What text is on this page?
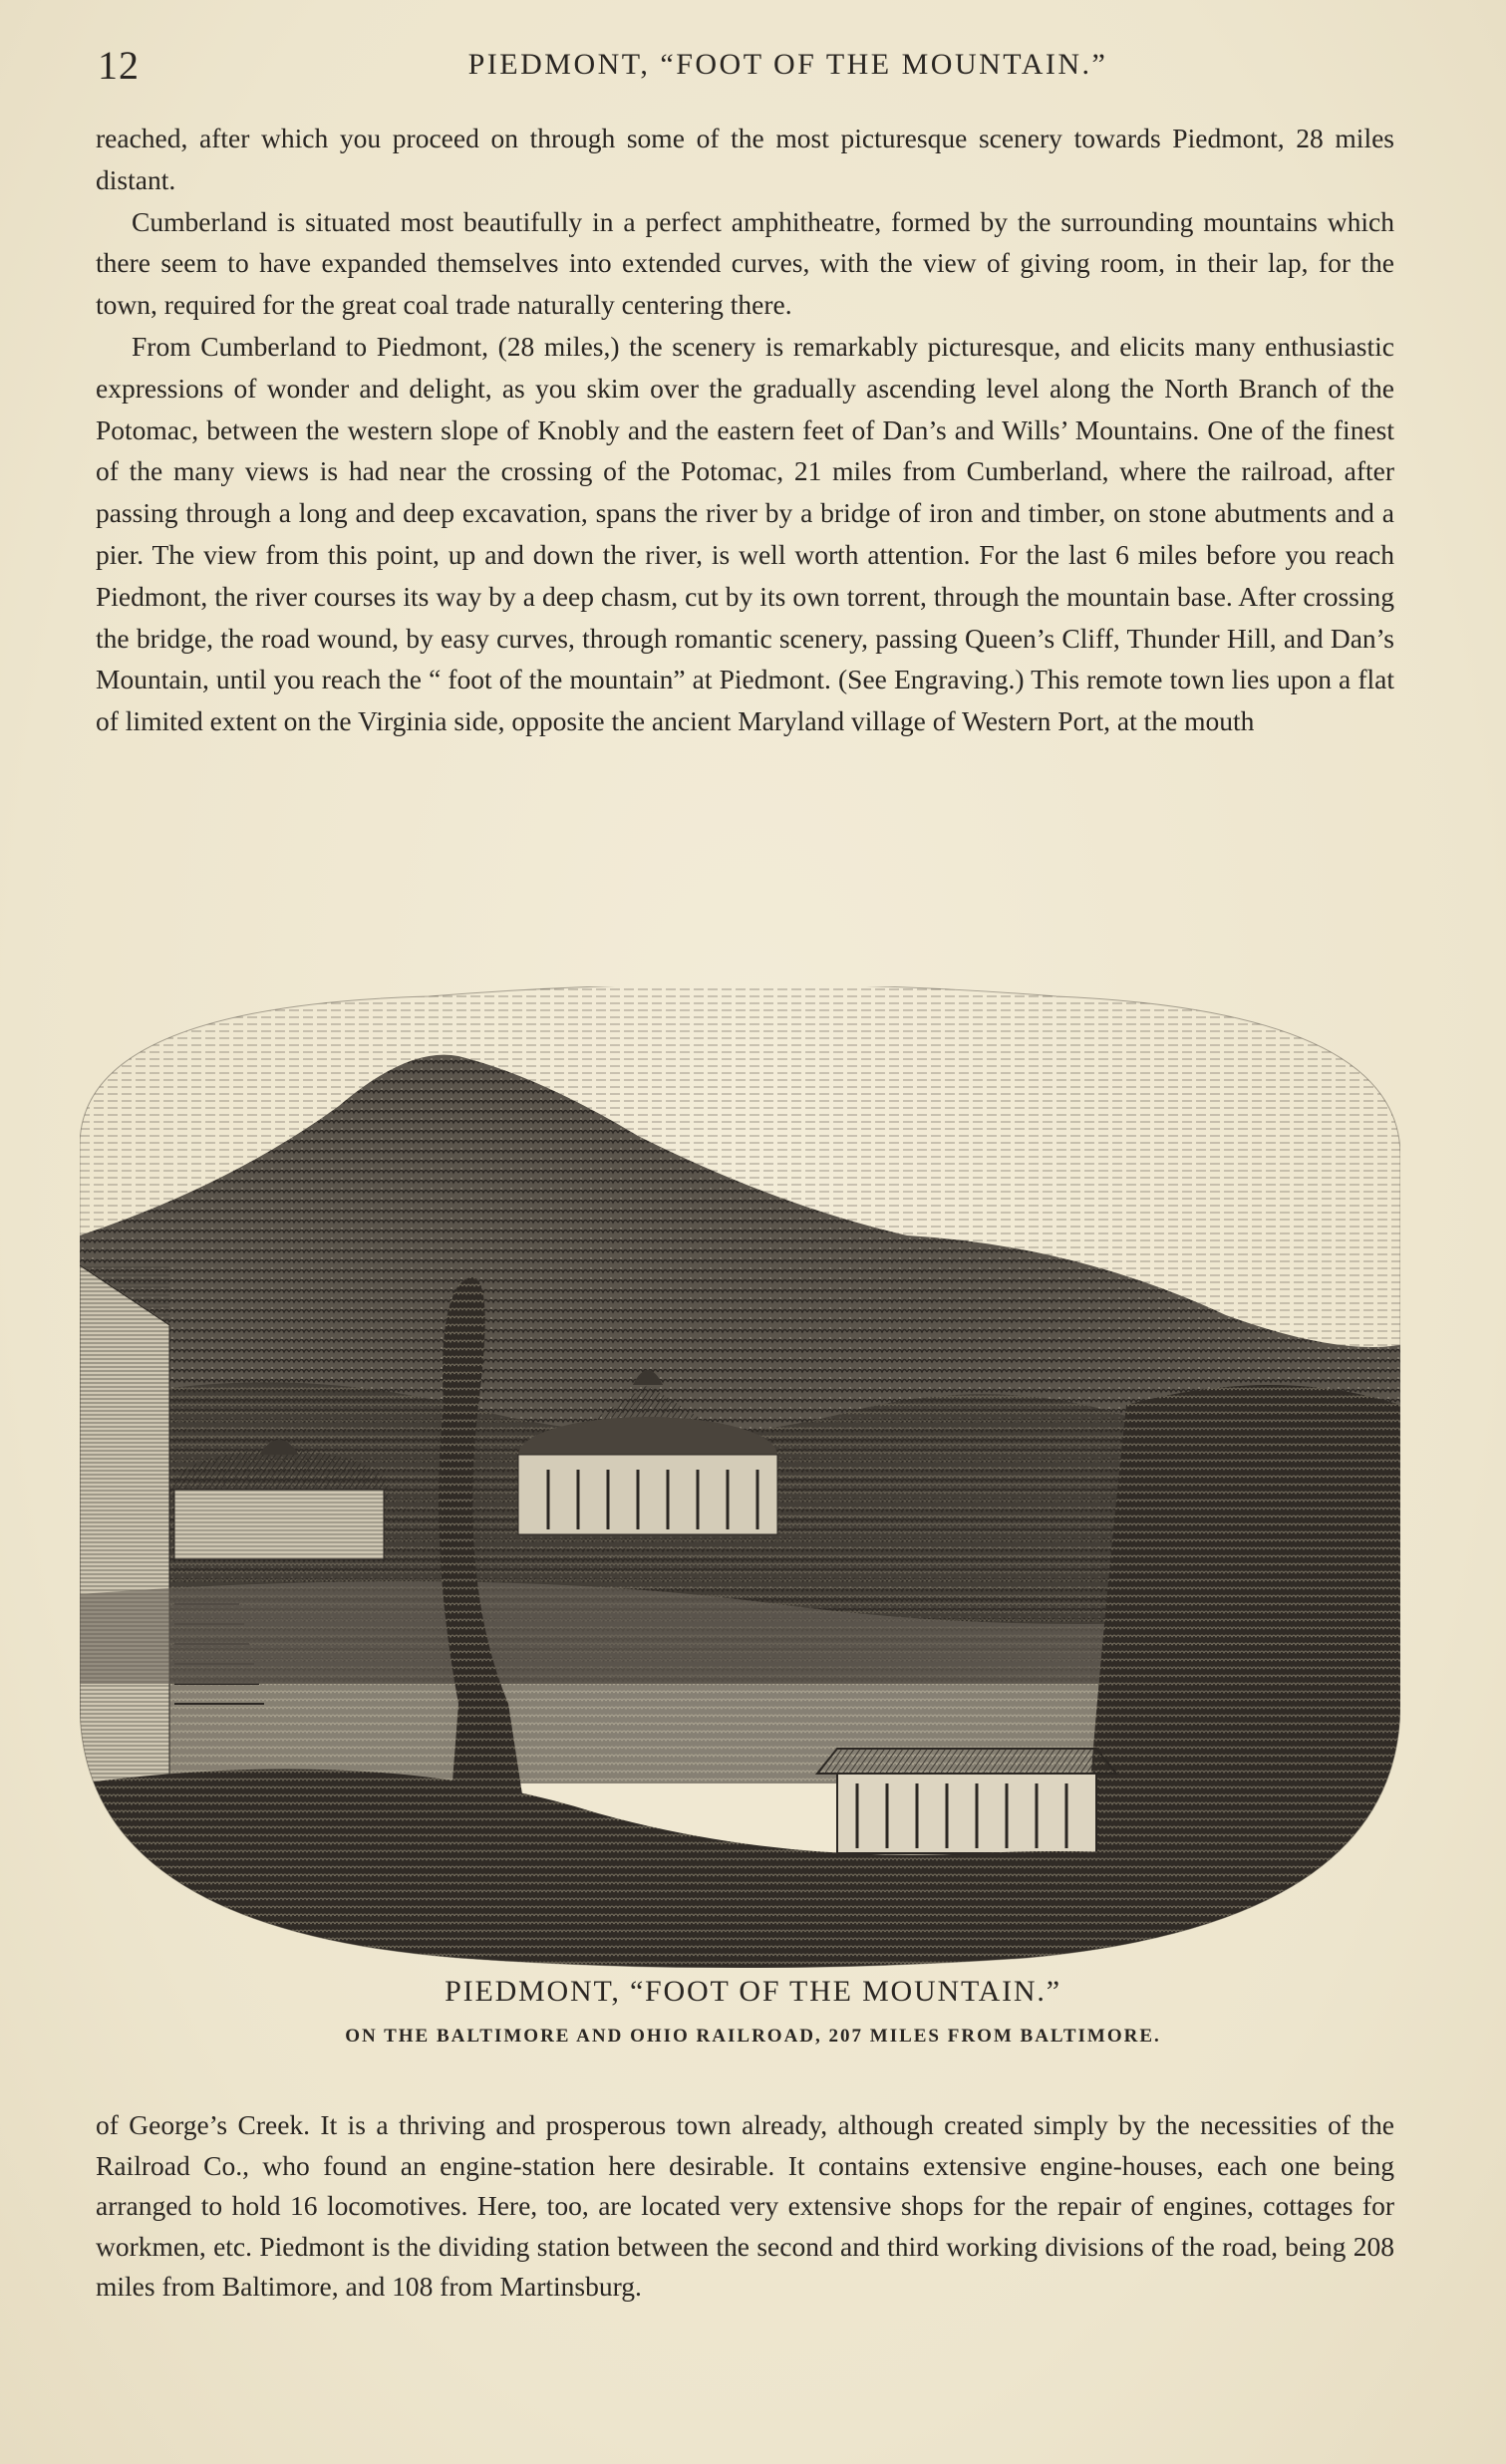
12	PIEDMONT, “FOOT OF THE MOUNTAIN.”

reached, after which you proceed on through some of the most picturesque scenery towards Piedmont, 28 miles distant.

Cumberland is situated most beautifully in a perfect amphitheatre, formed by the surrounding mountains which there seem to have expanded themselves into extended curves, with the view of giving room, in their lap, for the town, required for the great coal trade naturally centering there.

From Cumberland to Piedmont, (28 miles,) the scenery is remarkably picturesque, and elicits many enthusiastic expressions of wonder and delight, as you skim over the gradually ascending level along the North Branch of the Potomac, between the western slope of Knobly and the eastern feet of Dan’s and Wills’ Mountains. One of the finest of the many views is had near the crossing of the Potomac, 21 miles from Cumberland, where the railroad, after passing through a long and deep excavation, spans the river by a bridge of iron and timber, on stone abutments and a pier. The view from this point, up and down the river, is well worth attention. For the last 6 miles before you reach Piedmont, the river courses its way by a deep chasm, cut by its own torrent, through the mountain base. After crossing the bridge, the road wound, by easy curves, through romantic scenery, passing Queen’s Cliff, Thunder Hill, and Dan’s Mountain, until you reach the “ foot of the mountain” at Piedmont. (See Engraving.) This remote town lies upon a flat of limited extent on the Virginia side, opposite the ancient Maryland village of Western Port, at the mouth

PIEDMONT, “FOOT OF THE MOUNTAIN.”
ON THE BALTIMORE AND OHIO RAILROAD, 207 MILES FROM BALTIMORE.

of George’s Creek. It is a thriving and prosperous town already, although created simply by the necessities of the Railroad Co., who found an engine-station here desirable. It contains extensive engine-houses, each one being arranged to hold 16 locomotives. Here, too, are located very extensive shops for the repair of engines, cottages for workmen, etc. Piedmont is the dividing station between the second and third working divisions of the road, being 208 miles from Baltimore, and 108 from Martinsburg.
